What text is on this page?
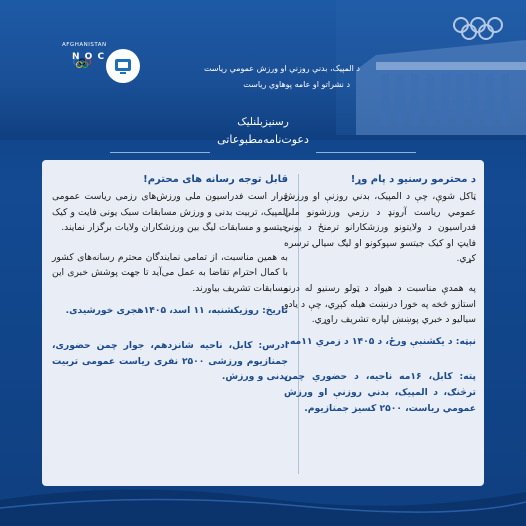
AFGHANISTAN
N O C
د المپیک، بدني روزني او ورزش عمومي ریاست
د نشراتو او عامه پوهاوي ریاست
رسنیزبلنلیک
دعوت‌نامه‌مطبوعاتی
د محترمو رسنیو د پام وړ!

ټاکل شوې، چې د المپیک، بدني روزنې او ورزش عمومي ریاست آرونډ د رزمي ورزشونو ملي فدراسیون د ولایتونو ورزشکارانو ترمنځ د یوني فایټ او کیک جیتسو سپوکونو او لیګ سیالۍ ترسره کړي.

په همدې مناسبت د هیواد د ټولو رسنیو له درنو استازو څخه په خورا درنښت هیله کېږي، چې د یادو سیالیو د خبري پوښښ لپاره تشریف راوړي.

نېټه: د یکشنبې ورځ، د ۱۴۰۵ د زمري ۱۱مه.

پته: کابل، ۱۶مه ناحیه، د حضوري چمن ترڅنګ، د المپیک، بدني روزنې او ورزش عمومي ریاست، ۲۵۰۰ کسیز جمنازیوم.

قابل توجه رسانه های محترم!

قرار است فدراسیون ملی ورزش‌های رزمی ریاست عمومی المپیک، تربیت بدنی و ورزش مسابقات سبک یونی فایت و کیک جیتسو و مسابقات لیگ بین ورزشکاران ولایات برگزار نمایند.

به همین مناسبت، از تمامی نمایندگان محترم رسانه‌های کشور با کمال احترام تقاضا به عمل می‌آید تا جهت پوشش خبری این مسابقات تشریف بیاورند.

تاریخ: روزیکشنبه، ۱۱ اسد، ۱۴۰۵هجری خورشیدی.

ادرس: کابل، ناحیه شانزدهم، جوار چمن حضوری، جمنازیوم ورزشی ۲۵۰۰ نفری ریاست عمومی تربیت بدنی و ورزش.
